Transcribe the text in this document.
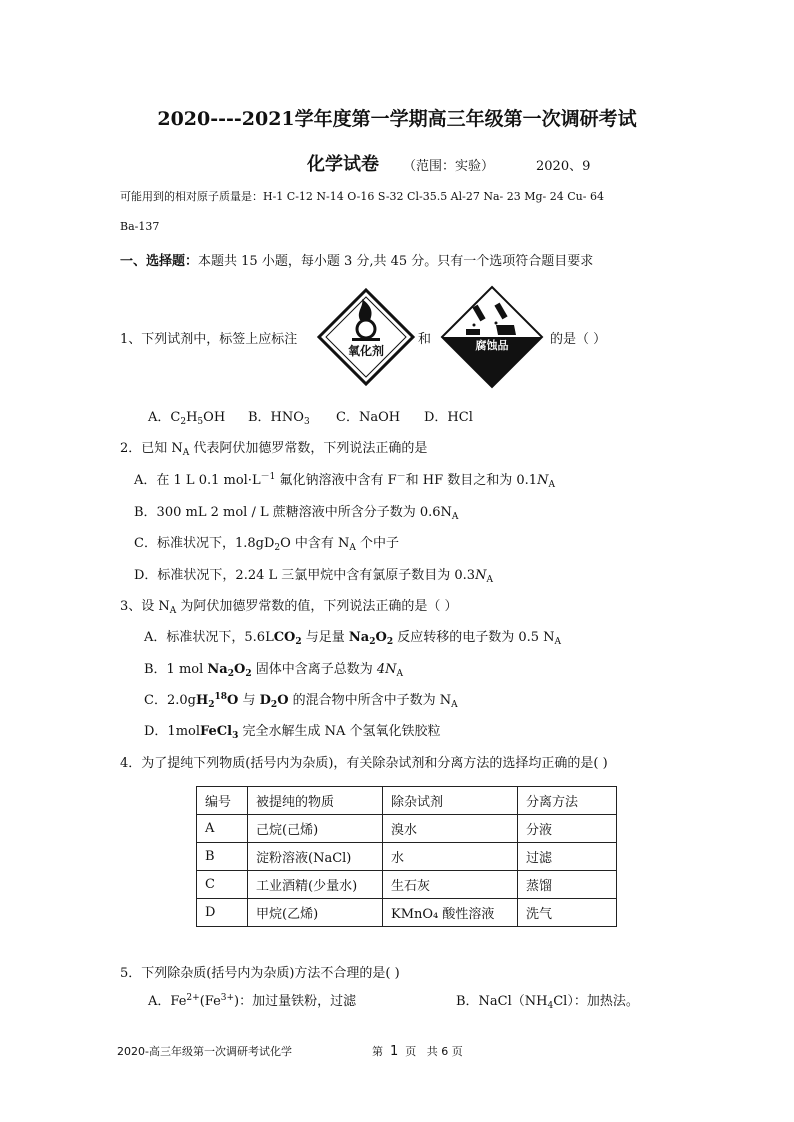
2020----2021学年度第一学期高三年级第一次调研考试
化学试卷 （范围：实验）	2020、9
可能用到的相对原子质量是：H-1 C-12 N-14 O-16 S-32 Cl-35.5 Al-27 Na- 23 Mg- 24 Cu- 64
Ba-137
一、选择题：本题共 15 小题，每小题 3 分,共 45 分。只有一个选项符合题目要求
1、下列试剂中，标签上应标注
氧化剂
和	腐蚀品	的是（ ）
A．$C_2H_5OH$ B．$HNO_3$ C．NaOH D．HCl
2．已知 $N_A$ 代表阿伏加德罗常数，下列说法正确的是
A．在 1 L 0.1 $mol\cdot L^{-1}$ 氟化钠溶液中含有 F－和 HF 数目之和为 $0.1N_A$
B．300 mL 2 mol / L 蔗糖溶液中所含分子数为 $0.6N_A$
C．标准状况下，$1.8gD_2O$ 中含有 $N_A$ 个中子
D．标准状况下，2.24 L 三氯甲烷中含有氯原子数目为 $0.3N_A$
3、设 $N_A$ 为阿伏加德罗常数的值，下列说法正确的是（ ）
A．标准状况下，$5.6LCO_2$ 与足量 $Na_2O_2$ 反应转移的电子数为 0.5 $N_A$
B．1 mol $Na_2O_2$ 固体中含离子总数为 $4N_A$
C．$2.0gH_2^{18}O$ 与 $D_2O$ 的混合物中所含中子数为 $N_A$
D．1molFeCl$_3$ 完全水解生成 NA 个氢氧化铁胶粒
4．为了提纯下列物质(括号内为杂质)，有关除杂试剂和分离方法的选择均正确的是( )
编号	被提纯的物质	除杂试剂	分离方法
A	己烷(己烯)	溴水	分液
B	淀粉溶液(NaCl)	水	过滤
C	工业酒精(少量水)	生石灰	蒸馏
D	甲烷(乙烯)	KMnO₄ 酸性溶液	洗气
5．下列除杂质(括号内为杂质)方法不合理的是( )
A．$Fe^{2+}(Fe^{3+})$：加过量铁粉，过滤	B．$NaCl(NH_4Cl)$：加热法。
2020-高三年级第一次调研考试化学	第 1 页 共 6 页
